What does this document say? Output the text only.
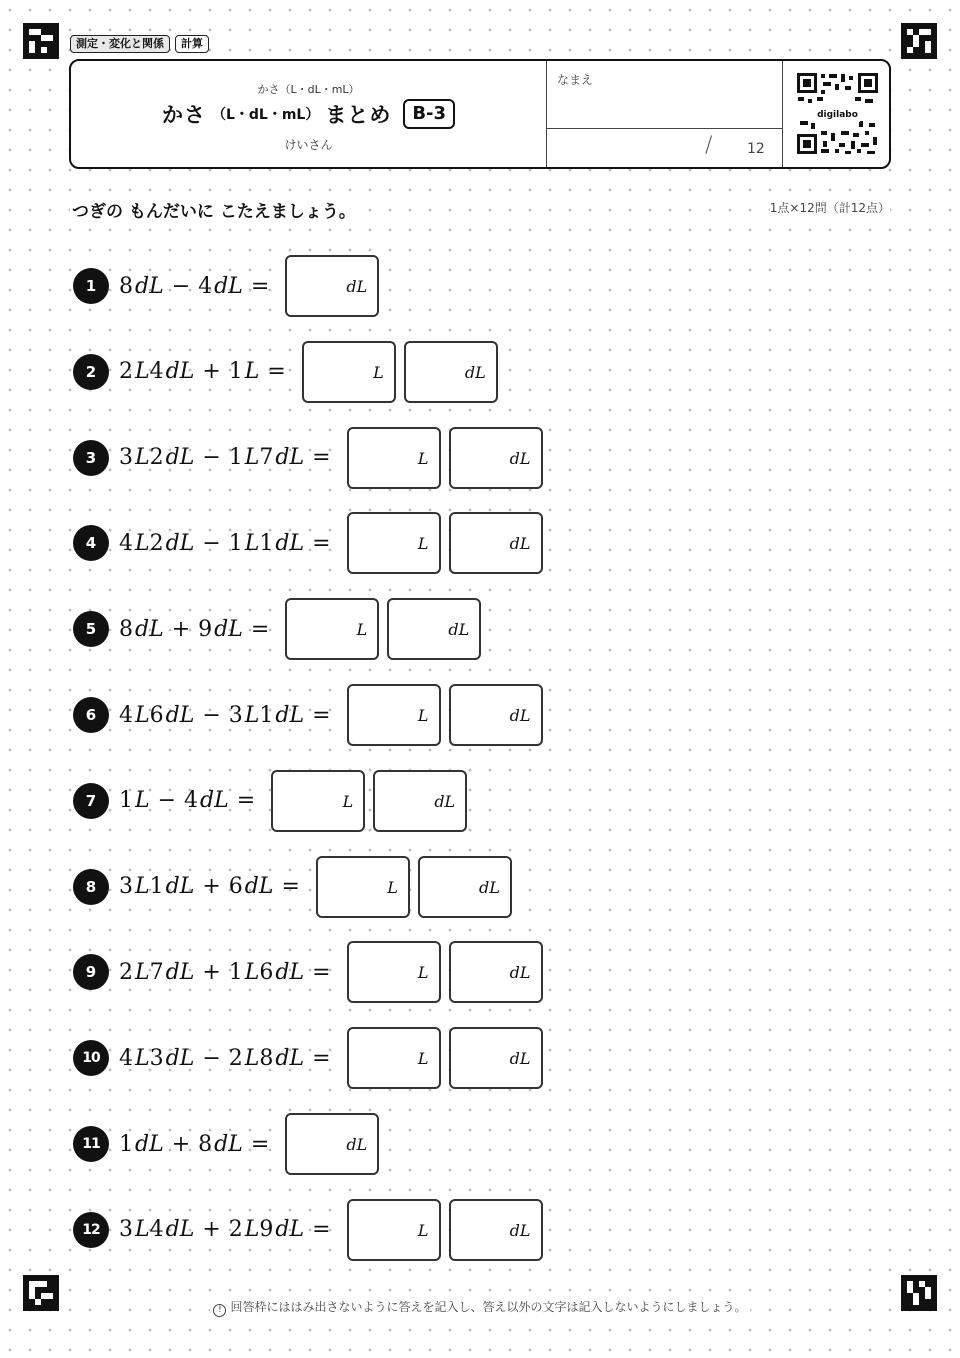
測定・変化と関係	計算
かさ（L・dL・mL）
かさ （L・dL・mL） まとめ	B-3
けいさん
なまえ
/ 12
digilabo
つぎの もんだいに こたえましょう。	1点×12問（計12点）
1	8 dL − 4 dL =	dL
2	2 L 4 dL + 1 L =	L	dL
3	3 L 2 dL − 1 L 7 dL =	L	dL
4	4 L 2 dL − 1 L 1 dL =	L	dL
5	8 dL + 9 dL =	L	dL
6	4 L 6 dL − 3 L 1 dL =	L	dL
7	1 L − 4 dL =	L	dL
8	3 L 1 dL + 6 dL =	L	dL
9	2 L 7 dL + 1 L 6 dL =	L	dL
10 4 L 3 dL − 2 L 8 dL =	L	dL
11 1 dL + 8 dL =	dL
12 3 L 4 dL + 2 L 9 dL =	L	dL
! 回答枠にははみ出さないように答えを記入し、答え以外の文字は記入しないようにしましょう。
